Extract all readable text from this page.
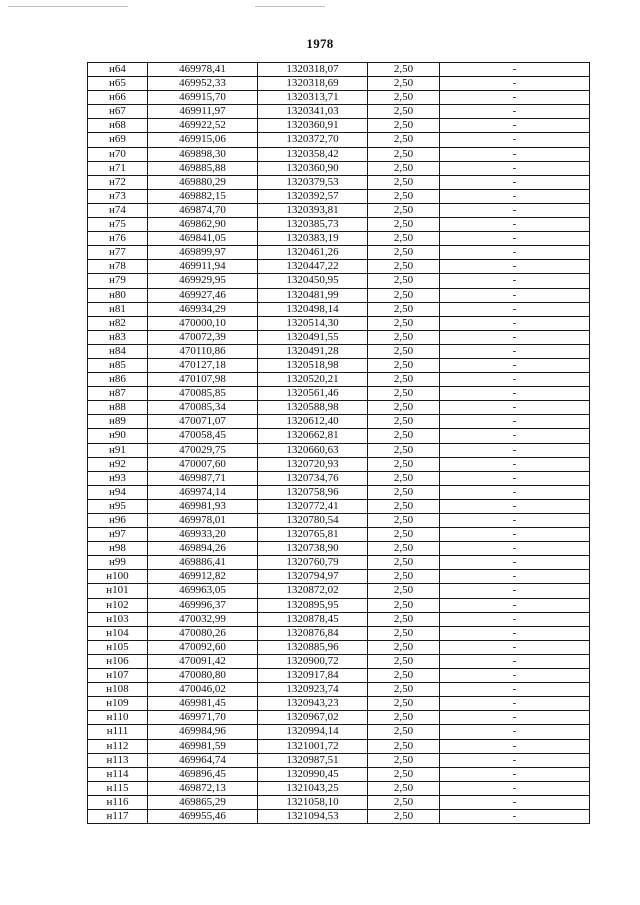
1978
н64	469978,41	1320318,07	2,50	-
н65	469952,33	1320318,69	2,50	-
н66	469915,70	1320313,71	2,50	-
н67	469911,97	1320341,03	2,50	-
н68	469922,52	1320360,91	2,50	-
н69	469915,06	1320372,70	2,50	-
н70	469898,30	1320358,42	2,50	-
н71	469885,88	1320360,90	2,50	-
н72	469880,29	1320379,53	2,50	-
н73	469882,15	1320392,57	2,50	-
н74	469874,70	1320393,81	2,50	-
н75	469862,90	1320385,73	2,50	-
н76	469841,05	1320383,19	2,50	-
н77	469899,97	1320461,26	2,50	-
н78	469911,94	1320447,22	2,50	-
н79	469929,95	1320450,95	2,50	-
н80	469927,46	1320481,99	2,50	-
н81	469934,29	1320498,14	2,50	-
н82	470000,10	1320514,30	2,50	-
н83	470072,39	1320491,55	2,50	-
н84	470110,86	1320491,28	2,50	-
н85	470127,18	1320518,98	2,50	-
н86	470107,98	1320520,21	2,50	-
н87	470085,85	1320561,46	2,50	-
н88	470085,34	1320588,98	2,50	-
н89	470071,07	1320612,40	2,50	-
н90	470058,45	1320662,81	2,50	-
н91	470029,75	1320660,63	2,50	-
н92	470007,60	1320720,93	2,50	-
н93	469987,71	1320734,76	2,50	-
н94	469974,14	1320758,96	2,50	-
н95	469981,93	1320772,41	2,50	-
н96	469978,01	1320780,54	2,50	-
н97	469933,20	1320765,81	2,50	-
н98	469894,26	1320738,90	2,50	-
н99	469886,41	1320760,79	2,50	-
н100	469912,82	1320794,97	2,50	-
н101	469963,05	1320872,02	2,50	-
н102	469996,37	1320895,95	2,50	-
н103	470032,99	1320878,45	2,50	-
н104	470080,26	1320876,84	2,50	-
н105	470092,60	1320885,96	2,50	-
н106	470091,42	1320900,72	2,50	-
н107	470080,80	1320917,84	2,50	-
н108	470046,02	1320923,74	2,50	-
н109	469981,45	1320943,23	2,50	-
н110	469971,70	1320967,02	2,50	-
н111	469984,96	1320994,14	2,50	-
н112	469981,59	1321001,72	2,50	-
н113	469964,74	1320987,51	2,50	-
н114	469896,45	1320990,45	2,50	-
н115	469872,13	1321043,25	2,50	-
н116	469865,29	1321058,10	2,50	-
н117	469955,46	1321094,53	2,50	-
